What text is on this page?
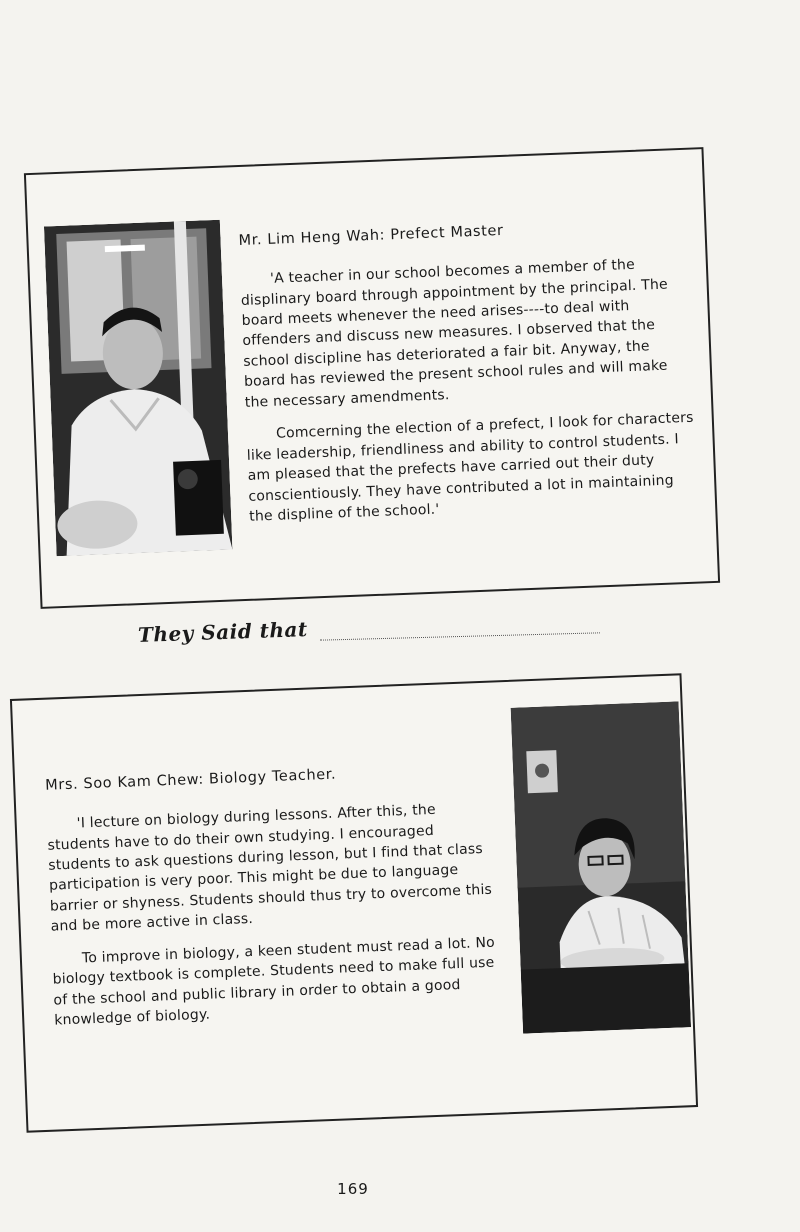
Mr. Lim Heng Wah: Prefect Master

'A teacher in our school becomes a member of the displinary board through appointment by the principal. The board meets whenever the need arises----to deal with offenders and discuss new measures. I observed that the school discipline has deteriorated a fair bit. Anyway, the board has reviewed the present school rules and will make the necessary amendments.

Comcerning the election of a prefect, I look for characters like leadership, friendliness and ability to control students. I am pleased that the prefects have carried out their duty conscientiously. They have contributed a lot in maintaining the displine of the school.'

They Said that
Mrs. Soo Kam Chew: Biology Teacher.

'I lecture on biology during lessons. After this, the students have to do their own studying. I encouraged students to ask questions during lesson, but I find that class participation is very poor. This might be due to language barrier or shyness. Students should thus try to overcome this and be more active in class.

To improve in biology, a keen student must read a lot. No biology textbook is complete. Students need to make full use of the school and public library in order to obtain a good knowledge of biology.

169
